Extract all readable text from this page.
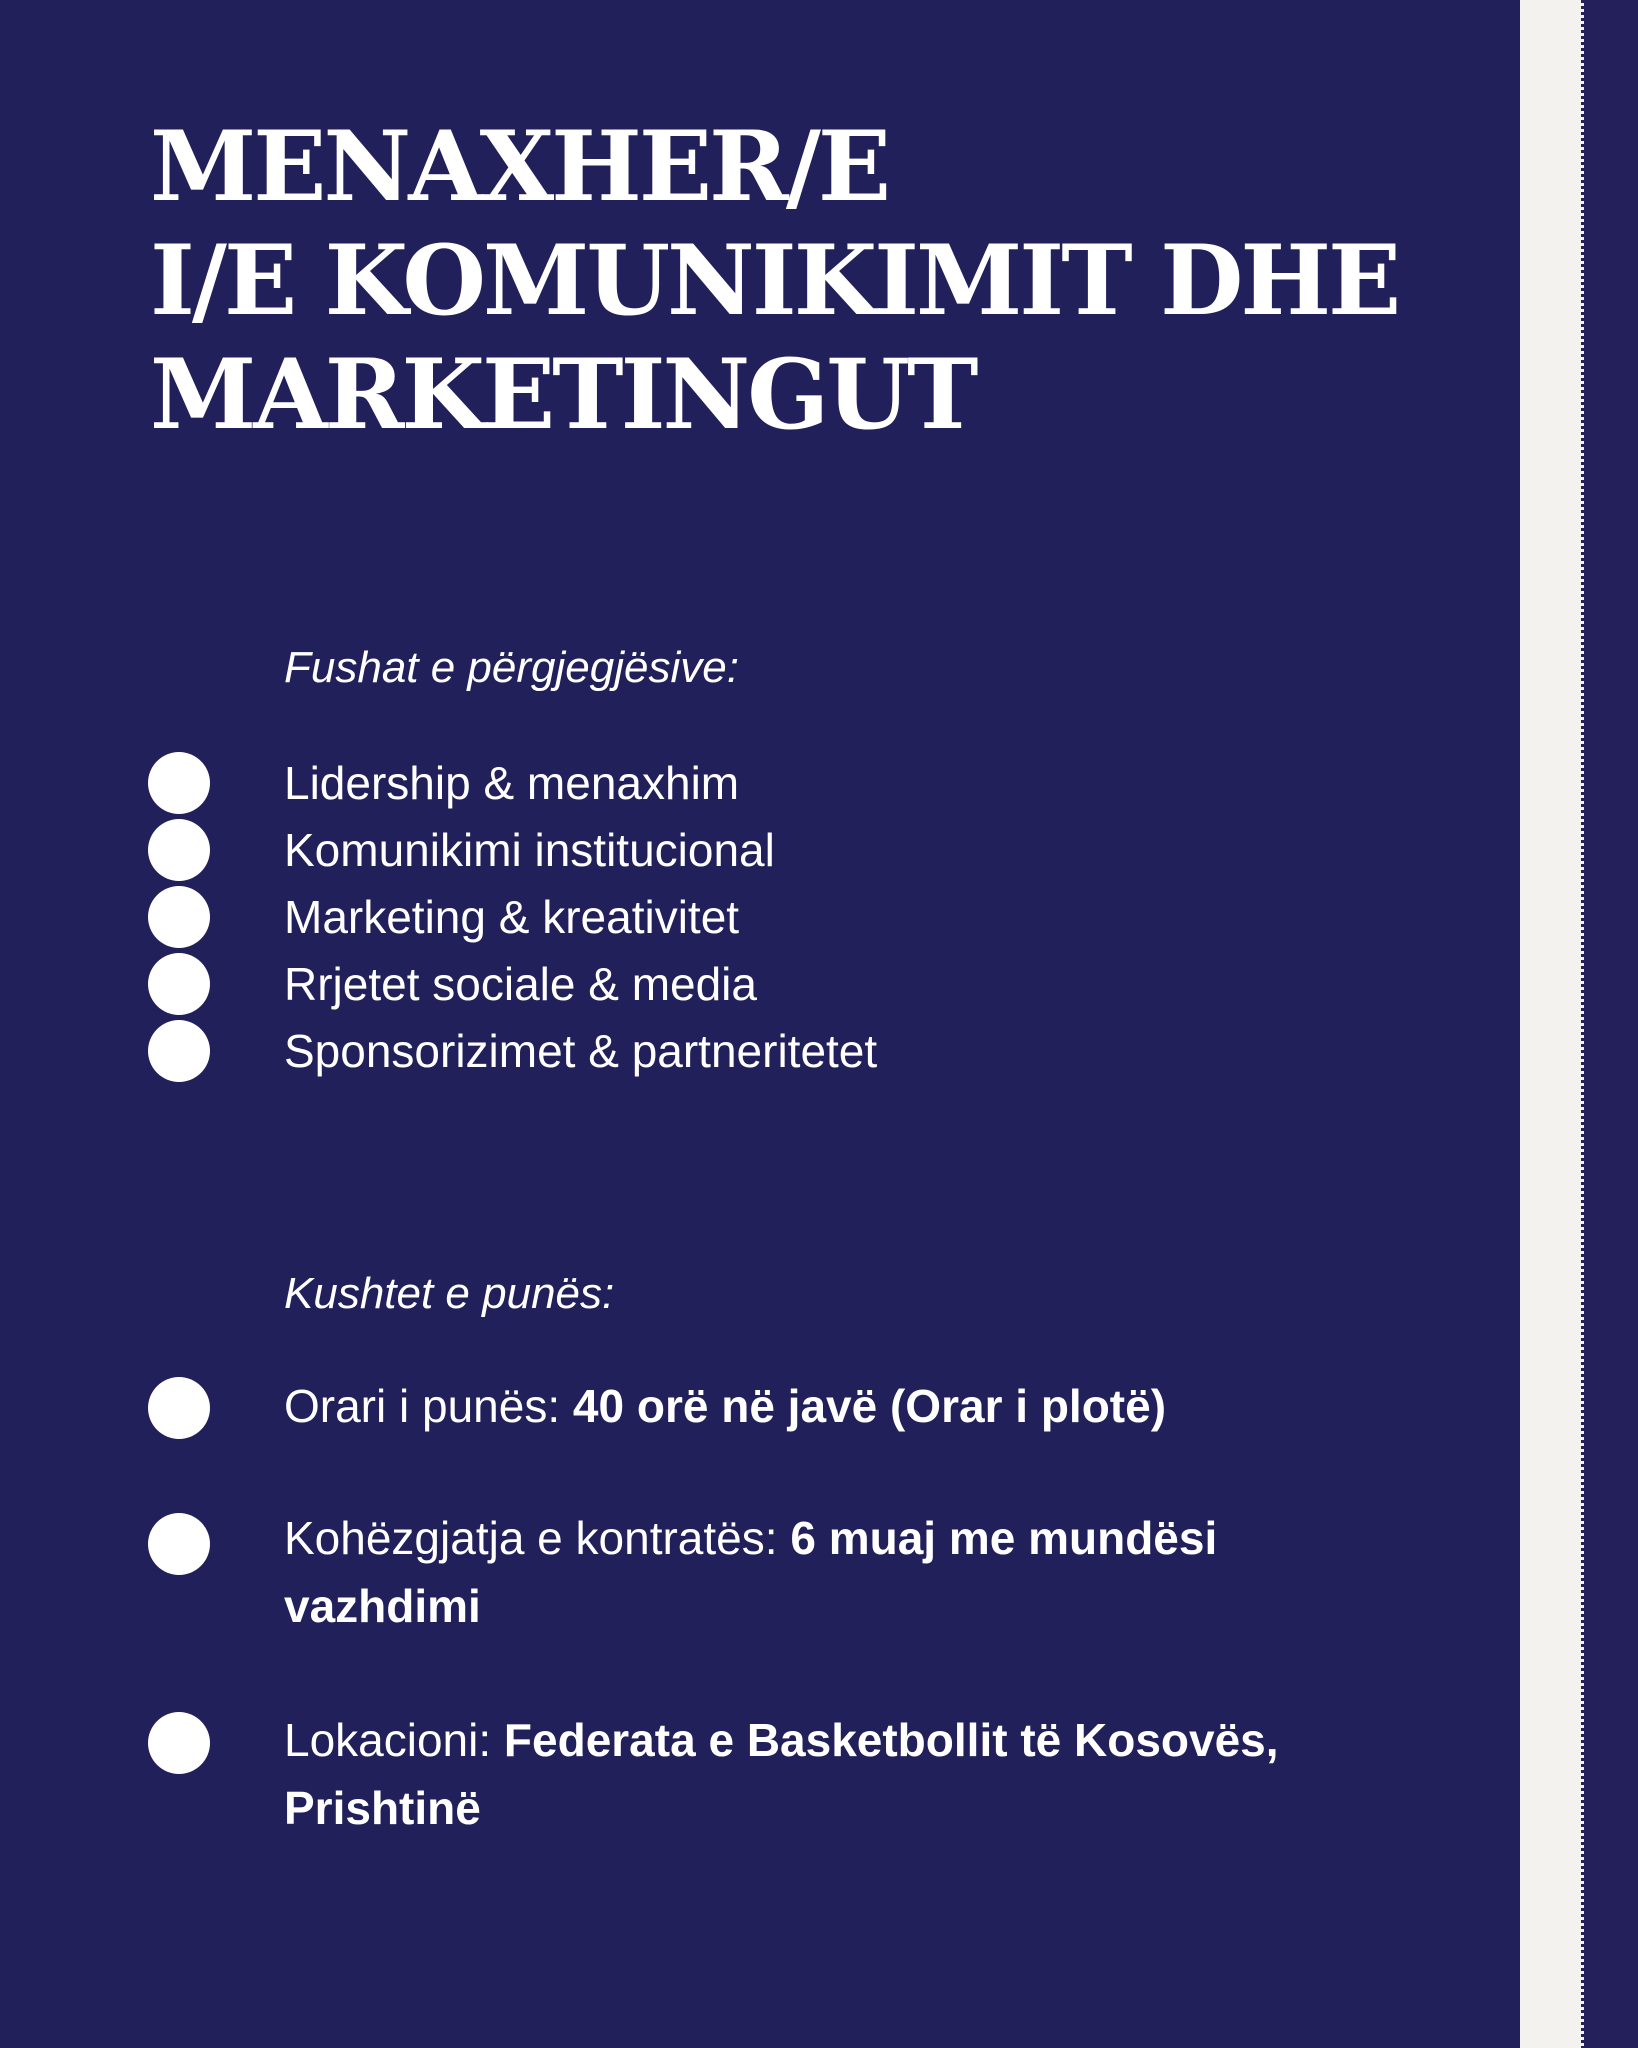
MENAXHER/E
I/E KOMUNIKIMIT DHE
MARKETINGUT

Fushat e përgjegjësive:

Lidership & menaxhim
Komunikimi institucional
Marketing & kreativitet
Rrjetet sociale & media
Sponsorizimet & partneritetet

Kushtet e punës:

Orari i punës: 40 orë në javë (Orar i plotë)
Kohëzgjatja e kontratës: 6 muaj me mundësi vazhdimi
Lokacioni: Federata e Basketbollit të Kosovës, Prishtinë
